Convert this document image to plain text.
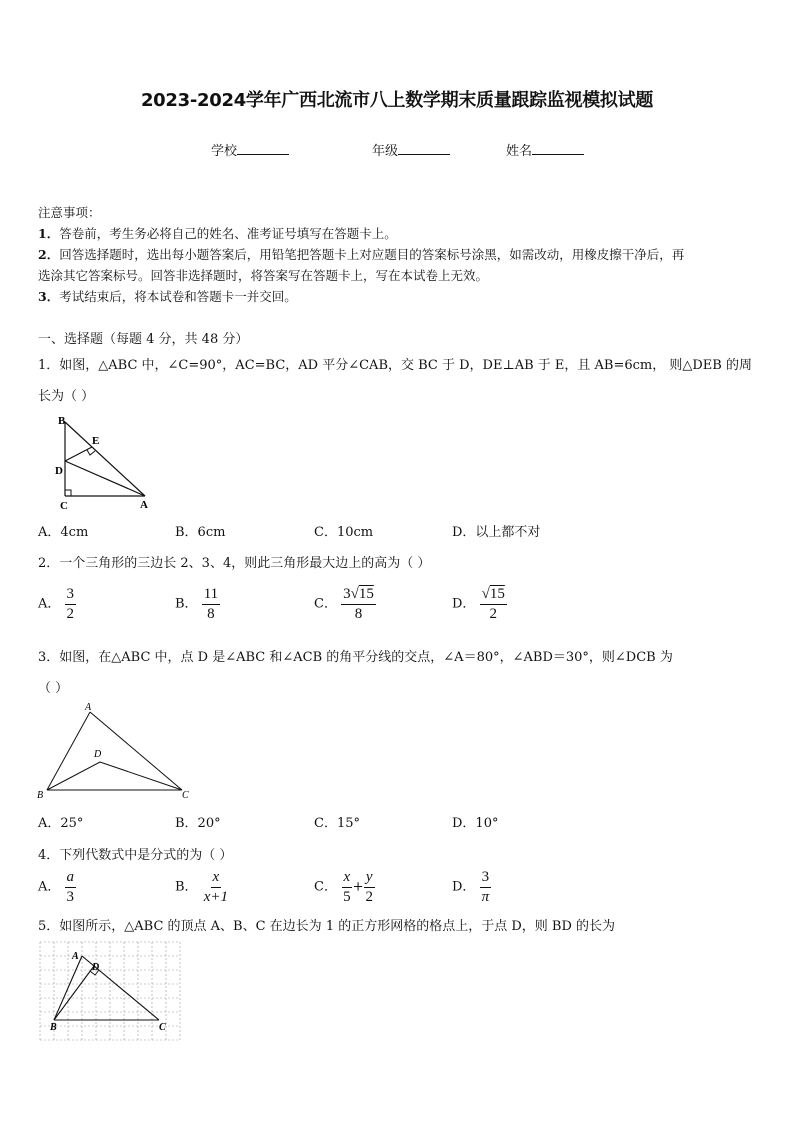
2023-2024学年广西北流市八上数学期末质量跟踪监视模拟试题
学校	年级	姓名
注意事项：
1．答卷前，考生务必将自己的姓名、准考证号填写在答题卡上。
2．回答选择题时，选出每小题答案后，用铅笔把答题卡上对应题目的答案标号涂黑，如需改动，用橡皮擦干净后，再
选涂其它答案标号。回答非选择题时，将答案写在答题卡上，写在本试卷上无效。
3．考试结束后，将本试卷和答题卡一并交回。
一、选择题（每题 4 分，共 48 分）
1．如图，△ABC 中，∠C=90°，AC=BC，AD 平分∠CAB，交 BC 于 D，DE⊥AB 于 E，且 AB=6cm， 则△DEB 的周
长为（ ）
B
E
D
C	A
A．4cm	B．6cm	C．10cm	D．以上都不对
2．一个三角形的三边长 2、3、4，则此三角形最大边上的高为（ ）
A． $\frac{3}{2}$	B． $\frac{11}{8}$	C． $\frac{3√15}{8}$	D． $\frac{√15}{2}$
3．如图，在△ABC 中，点 D 是∠ABC 和∠ACB 的角平分线的交点，∠A＝80°，∠ABD＝30°，则∠DCB 为
（ ）
A
D
B	C
A．25°	B．20°	C．15°	D．10°
4．下列代数式中是分式的为（ ）
A． $\frac{a}{3}$	B． $\frac{x}{x+1}$	C． $\frac{x}{5} + \frac{y}{2}$	D． $\frac{3}{\pi}$
5．如图所示，△ABC 的顶点 A、B、C 在边长为 1 的正方形网格的格点上，于点 D，则 BD 的长为
A
D
B	C
